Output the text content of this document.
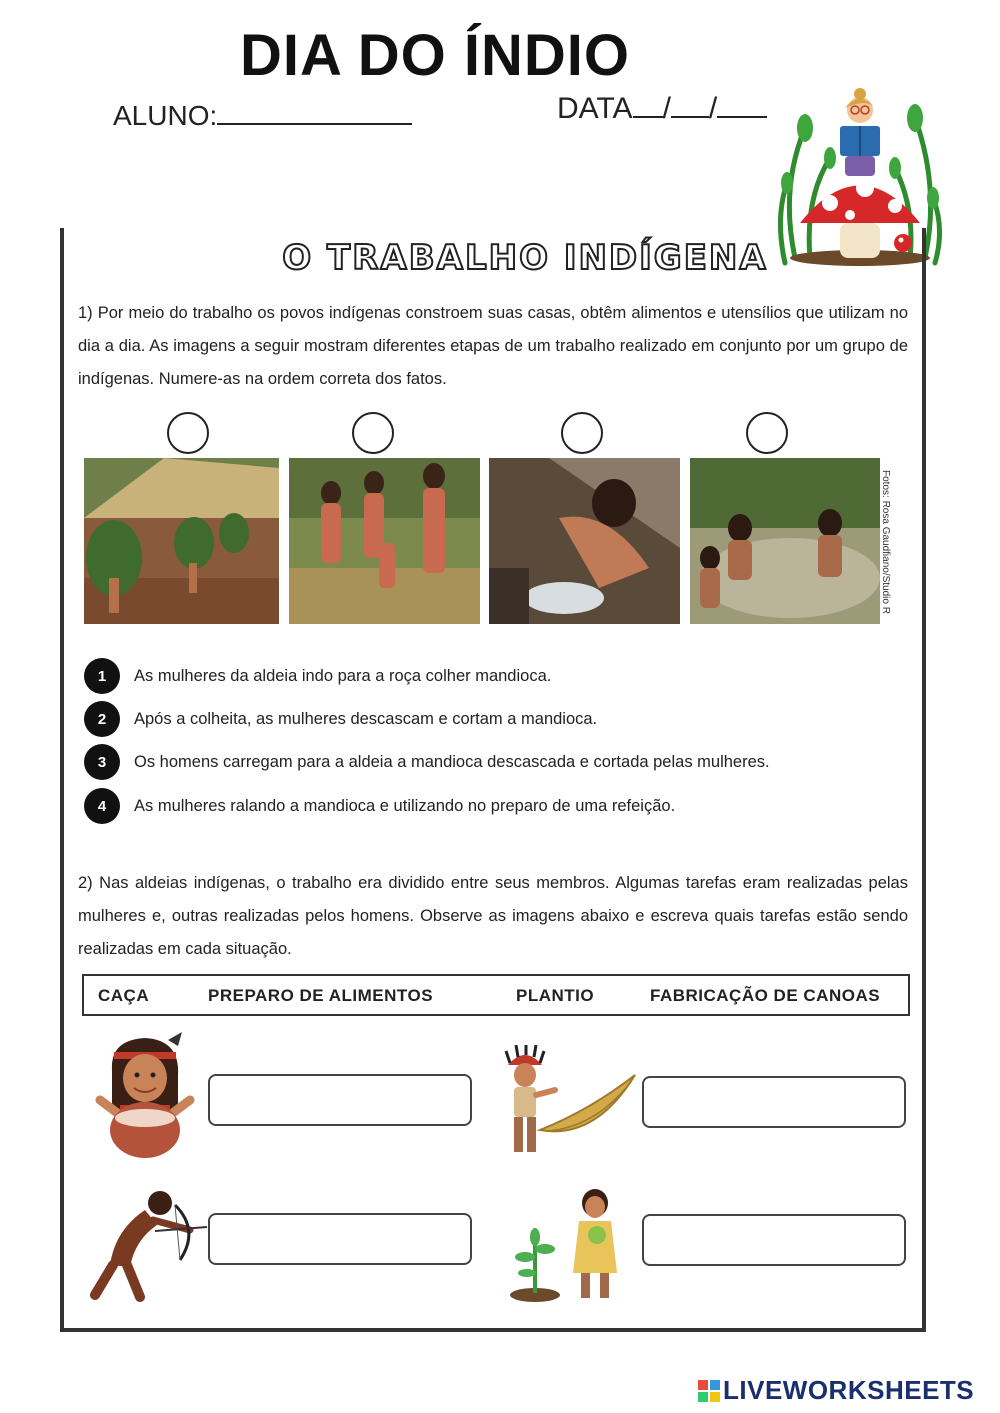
DIA DO ÍNDIO
ALUNO:	DATA / /
O TRABALHO INDÍGENA
1) Por meio do trabalho os povos indígenas constroem suas casas, obtêm alimentos e utensílios que utilizam no dia a dia. As imagens a seguir mostram diferentes etapas de um trabalho realizado em conjunto por um grupo de indígenas. Numere-as na ordem correta dos fatos.
Fotos: Rosa Gaudfiano/Studio R
1	As mulheres da aldeia indo para a roça colher mandioca.
2	Após a colheita, as mulheres descascam e cortam a mandioca.
3	Os homens carregam para a aldeia a mandioca descascada e cortada pelas mulheres.
4	As mulheres ralando a mandioca e utilizando no preparo de uma refeição.
2) Nas aldeias indígenas, o trabalho era dividido entre seus membros. Algumas tarefas eram realizadas pelas mulheres e, outras realizadas pelos homens. Observe as imagens abaixo e escreva quais tarefas estão sendo realizadas em cada situação.
CAÇA	PREPARO DE ALIMENTOS	PLANTIO	FABRICAÇÃO DE CANOAS
LIVEWORKSHEETS
